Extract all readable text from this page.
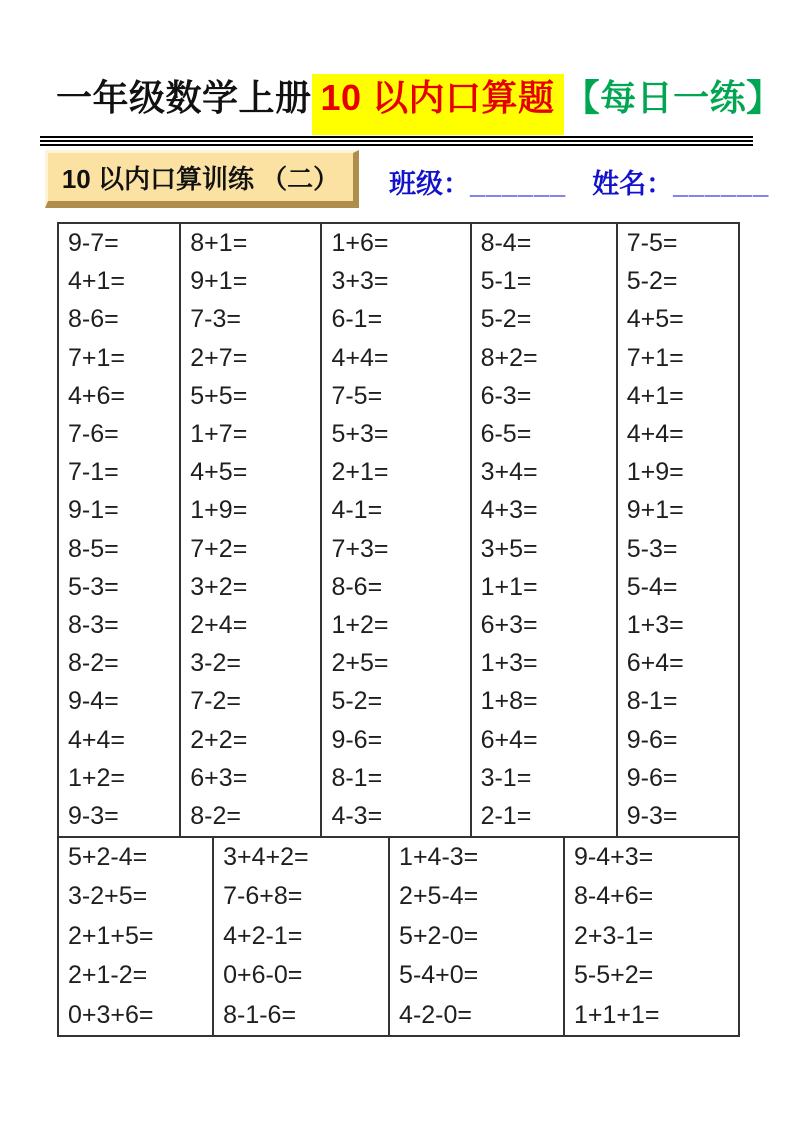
一年级数学上册 10 以内口算题 【每日一练】
10 以内口算训练 （二） 班级：______ 姓名：______
9-7=
4+1=
8-6=
7+1=
4+6=
7-6=
7-1=
9-1=
8-5=
5-3=
8-3=
8-2=
9-4=
4+4=
1+2=
9-3=
8+1=
9+1=
7-3=
2+7=
5+5=
1+7=
4+5=
1+9=
7+2=
3+2=
2+4=
3-2=
7-2=
2+2=
6+3=
8-2=
1+6=
3+3=
6-1=
4+4=
7-5=
5+3=
2+1=
4-1=
7+3=
8-6=
1+2=
2+5=
5-2=
9-6=
8-1=
4-3=
8-4=
5-1=
5-2=
8+2=
6-3=
6-5=
3+4=
4+3=
3+5=
1+1=
6+3=
1+3=
1+8=
6+4=
3-1=
2-1=
7-5=
5-2=
4+5=
7+1=
4+1=
4+4=
1+9=
9+1=
5-3=
5-4=
1+3=
6+4=
8-1=
9-6=
9-6=
9-3=
5+2-4=
3-2+5=
2+1+5=
2+1-2=
0+3+6=
3+4+2=
7-6+8=
4+2-1=
0+6-0=
8-1-6=
1+4-3=
2+5-4=
5+2-0=
5-4+0=
4-2-0=
9-4+3=
8-4+6=
2+3-1=
5-5+2=
1+1+1=
